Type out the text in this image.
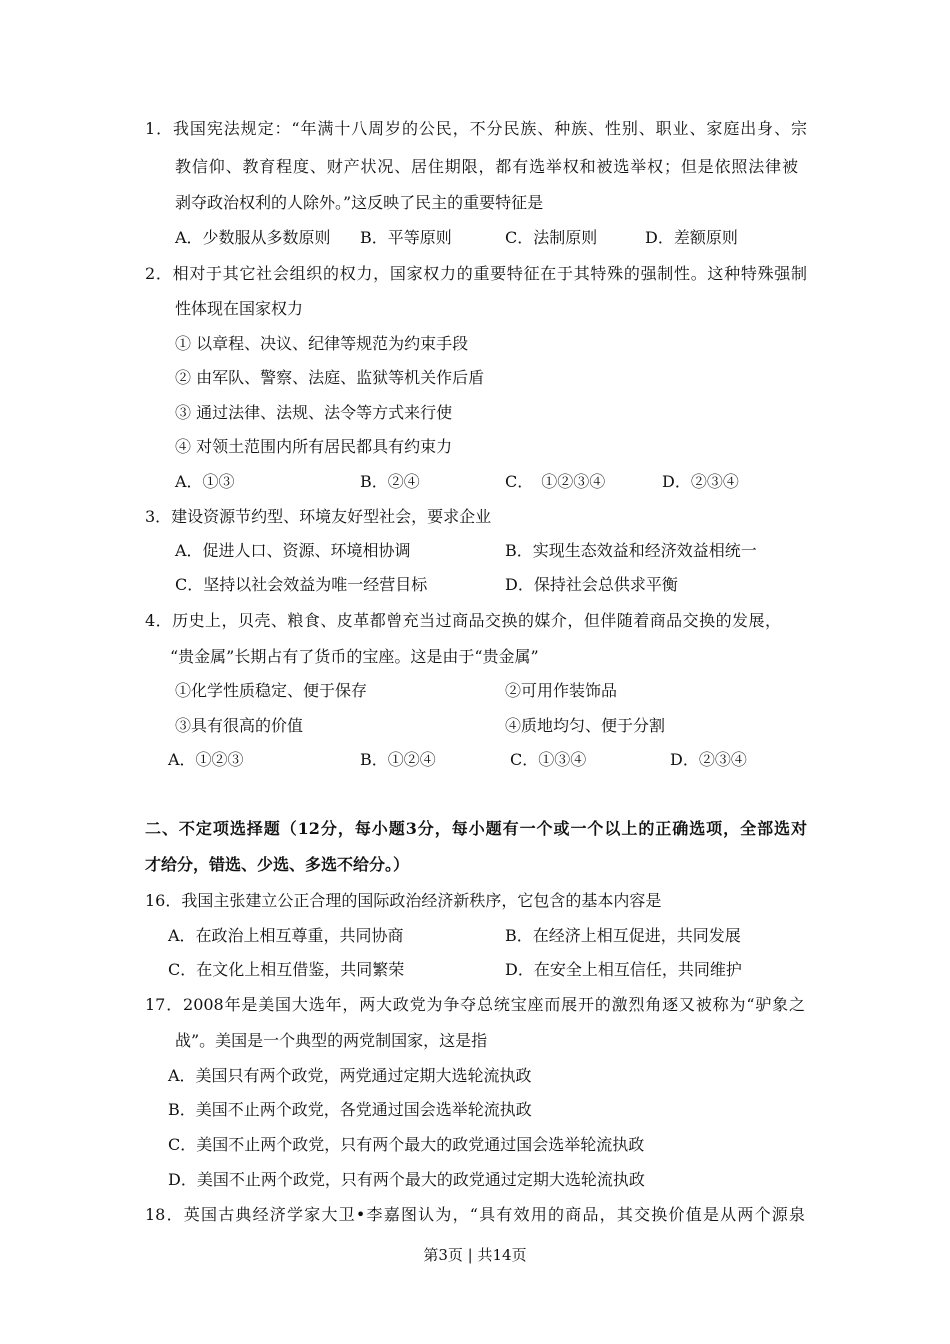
1．我国宪法规定：“年满十八周岁的公民，不分民族、种族、性别、职业、家庭出身、宗
教信仰、教育程度、财产状况、居住期限，都有选举权和被选举权；但是依照法律被
剥夺政治权利的人除外。”这反映了民主的重要特征是
A．少数服从多数原则 B．平等原则	C．法制原则	D．差额原则
2．相对于其它社会组织的权力，国家权力的重要特征在于其特殊的强制性。这种特殊强制
性体现在国家权力
① 以章程、决议、纪律等规范为约束手段
② 由军队、警察、法庭、监狱等机关作后盾
③ 通过法律、法规、法令等方式来行使
④ 对领土范围内所有居民都具有约束力
A．①③	B．②④	C．　①②③④	D．②③④
3．建设资源节约型、环境友好型社会，要求企业
A．促进人口、资源、环境相协调	B．实现生态效益和经济效益相统一
C．坚持以社会效益为唯一经营目标	D．保持社会总供求平衡
4．历史上，贝壳、粮食、皮革都曾充当过商品交换的媒介，但伴随着商品交换的发展，
“贵金属”长期占有了货币的宝座。这是由于“贵金属”
①化学性质稳定、便于保存	②可用作装饰品
③具有很高的价值	④质地均匀、便于分割
A．①②③	B．①②④	C．①③④	D．②③④
二、不定项选择题（12分，每小题3分，每小题有一个或一个以上的正确选项，全部选对
才给分，错选、少选、多选不给分。）
16．我国主张建立公正合理的国际政治经济新秩序，它包含的基本内容是
A．在政治上相互尊重，共同协商	B．在经济上相互促进，共同发展
C．在文化上相互借鉴，共同繁荣	D．在安全上相互信任，共同维护
17．2008年是美国大选年，两大政党为争夺总统宝座而展开的激烈角逐又被称为“驴象之
战”。美国是一个典型的两党制国家，这是指
A．美国只有两个政党，两党通过定期大选轮流执政
B．美国不止两个政党，各党通过国会选举轮流执政
C．美国不止两个政党，只有两个最大的政党通过国会选举轮流执政
D．美国不止两个政党，只有两个最大的政党通过定期大选轮流执政
18．英国古典经济学家大卫•李嘉图认为，“具有效用的商品，其交换价值是从两个源泉
第3页 | 共14页
